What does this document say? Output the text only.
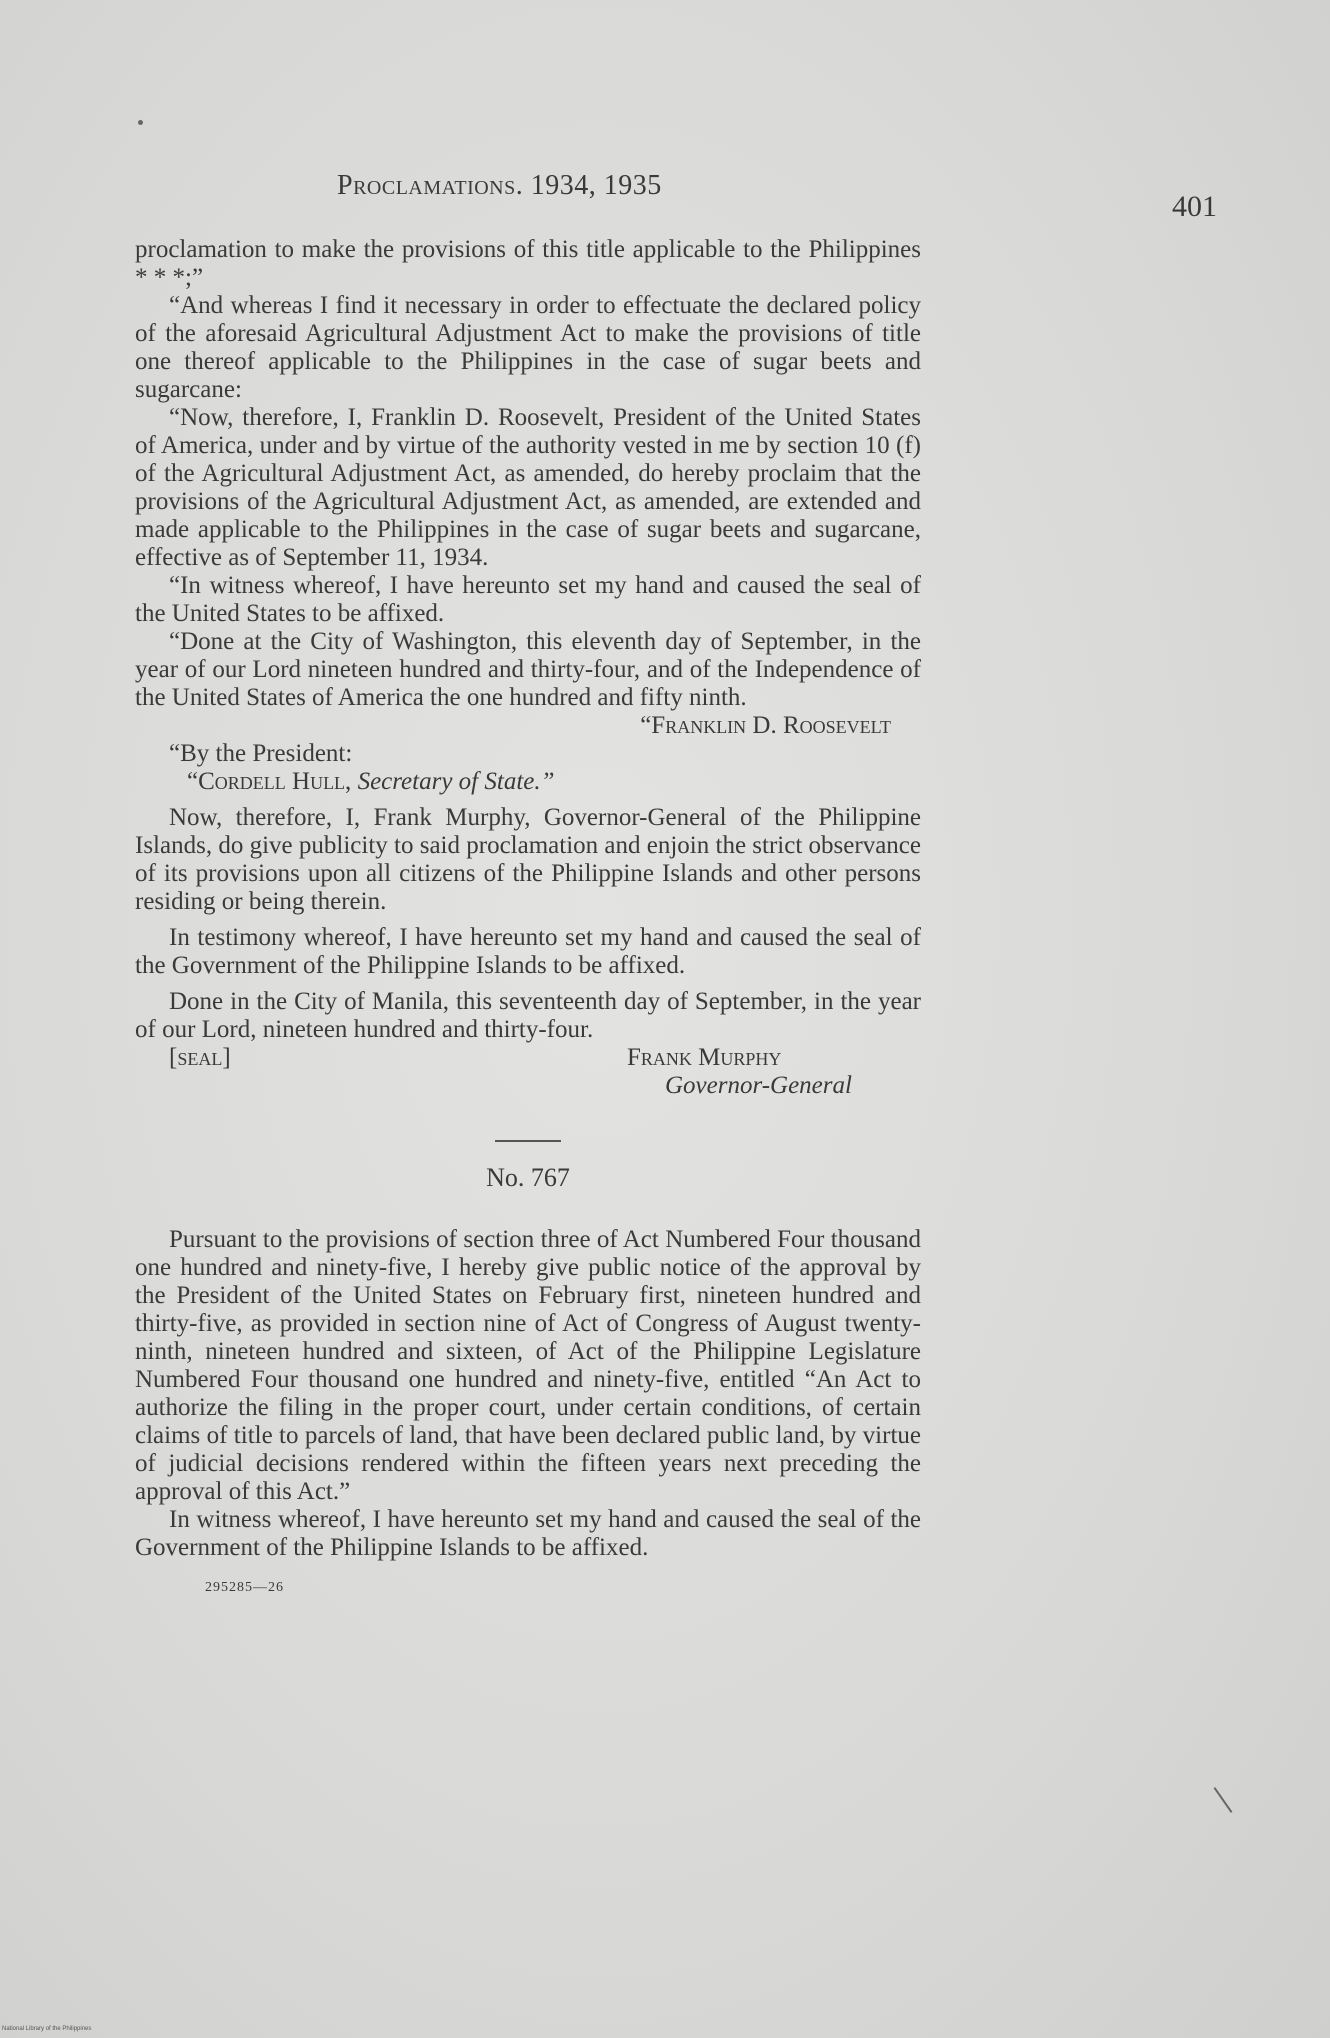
Proclamations. 1934, 1935
401

proclamation to make the provisions of this title applicable to the Philippines * * *;”

“And whereas I find it necessary in order to effectuate the declared policy of the aforesaid Agricultural Adjustment Act to make the provisions of title one thereof applicable to the Philippines in the case of sugar beets and sugarcane:

“Now, therefore, I, Franklin D. Roosevelt, President of the United States of America, under and by virtue of the authority vested in me by section 10 (f) of the Agricultural Adjustment Act, as amended, do hereby proclaim that the provisions of the Agricultural Adjustment Act, as amended, are extended and made applicable to the Philippines in the case of sugar beets and sugarcane, effective as of September 11, 1934.

“In witness whereof, I have hereunto set my hand and caused the seal of the United States to be affixed.

“Done at the City of Washington, this eleventh day of September, in the year of our Lord nineteen hundred and thirty-four, and of the Independence of the United States of America the one hundred and fifty ninth.

“Franklin D. Roosevelt

“By the President:

“Cordell Hull, Secretary of State.”

Now, therefore, I, Frank Murphy, Governor-General of the Philippine Islands, do give publicity to said proclamation and enjoin the strict observance of its provisions upon all citizens of the Philippine Islands and other persons residing or being therein.

In testimony whereof, I have hereunto set my hand and caused the seal of the Government of the Philippine Islands to be affixed.

Done in the City of Manila, this seventeenth day of September, in the year of our Lord, nineteen hundred and thirty-four.

[seal]	Frank Murphy
Governor-General
No. 767

Pursuant to the provisions of section three of Act Numbered Four thousand one hundred and ninety-five, I hereby give public notice of the approval by the President of the United States on February first, nineteen hundred and thirty-five, as provided in section nine of Act of Congress of August twenty-ninth, nineteen hundred and sixteen, of Act of the Philippine Legislature Numbered Four thousand one hundred and ninety-five, entitled “An Act to authorize the filing in the proper court, under certain conditions, of certain claims of title to parcels of land, that have been declared public land, by virtue of judicial decisions rendered within the fifteen years next preceding the approval of this Act.”

In witness whereof, I have hereunto set my hand and caused the seal of the Government of the Philippine Islands to be affixed.

295285—26
National Library of the Philippines
